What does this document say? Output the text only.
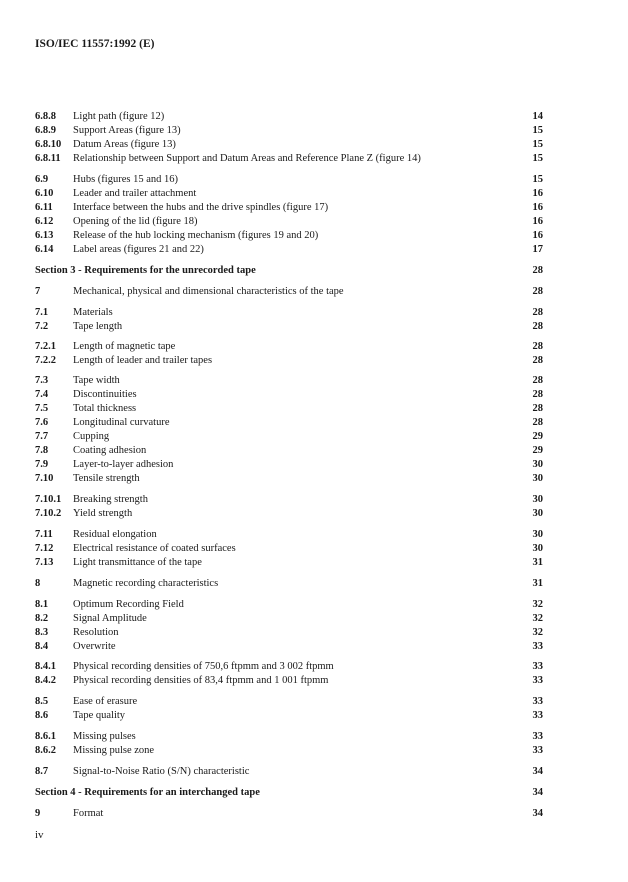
ISO/IEC 11557:1992 (E)
6.8.8 Light path (figure 12)	14
6.8.9 Support Areas (figure 13)	15
6.8.10 Datum Areas (figure 13)	15
6.8.11 Relationship between Support and Datum Areas and Reference Plane Z (figure 14)	15
6.9 Hubs (figures 15 and 16)	15
6.10 Leader and trailer attachment	16
6.11 Interface between the hubs and the drive spindles (figure 17)	16
6.12 Opening of the lid (figure 18)	16
6.13 Release of the hub locking mechanism (figures 19 and 20)	16
6.14 Label areas (figures 21 and 22)	17
Section 3 - Requirements for the unrecorded tape	28
7	Mechanical, physical and dimensional characteristics of the tape	28
7.1 Materials	28
7.2 Tape length	28
7.2.1 Length of magnetic tape	28
7.2.2 Length of leader and trailer tapes	28
7.3 Tape width	28
7.4 Discontinuities	28
7.5 Total thickness	28
7.6 Longitudinal curvature	28
7.7 Cupping	29
7.8 Coating adhesion	29
7.9 Layer-to-layer adhesion	30
7.10 Tensile strength	30
7.10.1 Breaking strength	30
7.10.2 Yield strength	30
7.11 Residual elongation	30
7.12 Electrical resistance of coated surfaces	30
7.13 Light transmittance of the tape	31
8	Magnetic recording characteristics	31
8.1 Optimum Recording Field	32
8.2 Signal Amplitude	32
8.3 Resolution	32
8.4 Overwrite	33
8.4.1 Physical recording densities of 750,6 ftpmm and 3 002 ftpmm	33
8.4.2 Physical recording densities of 83,4 ftpmm and 1 001 ftpmm	33
8.5 Ease of erasure	33
8.6 Tape quality	33
8.6.1 Missing pulses	33
8.6.2 Missing pulse zone	33
8.7 Signal-to-Noise Ratio (S/N) characteristic	34
Section 4 - Requirements for an interchanged tape	34
9	Format	34
iv
